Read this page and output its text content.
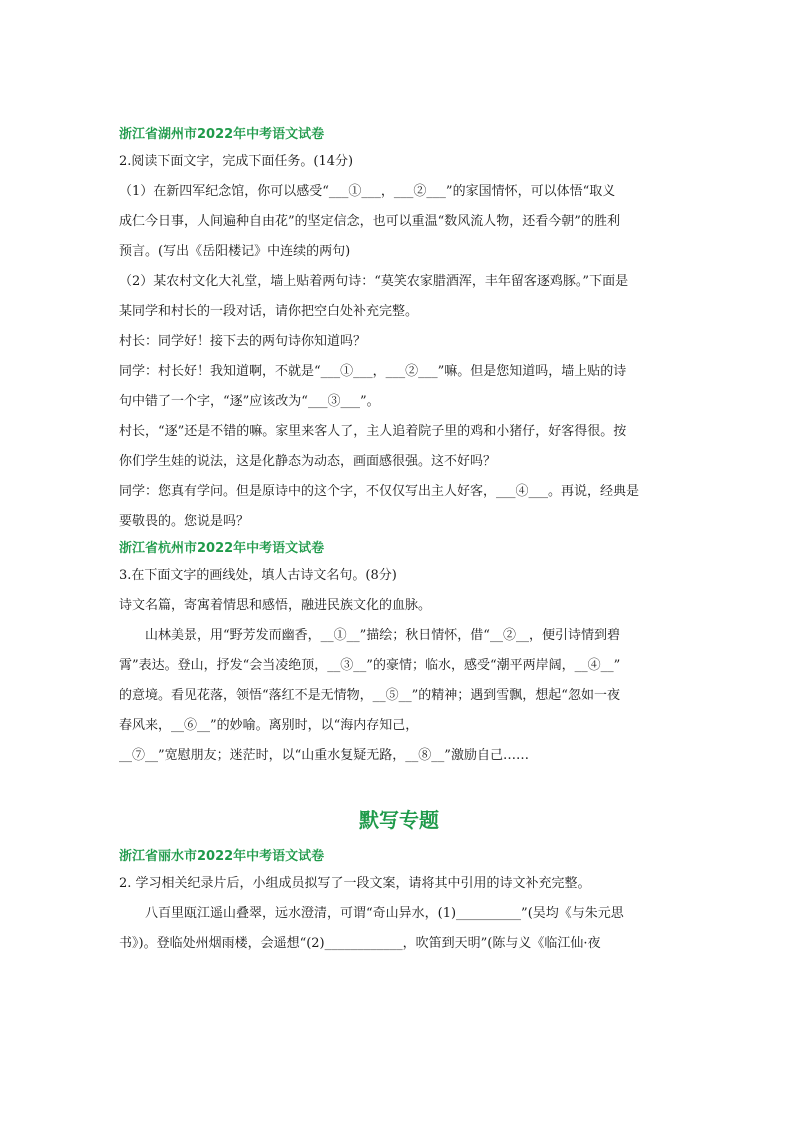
浙江省湖州市2022年中考语文试卷

2.阅读下面文字，完成下面任务。(14分)

（1）在新四军纪念馆，你可以感受“___①___，___②___”的家国情怀，可以体悟“取义

成仁今日事，人间遍种自由花”的坚定信念，也可以重温“数风流人物，还看今朝”的胜利

预言。(写出《岳阳楼记》中连续的两句)

（2）某农村文化大礼堂，墙上贴着两句诗：“莫笑农家腊酒浑，丰年留客逐鸡豚。”下面是

某同学和村长的一段对话，请你把空白处补充完整。

村长：同学好！接下去的两句诗你知道吗？

同学：村长好！我知道啊，不就是“___①___，___②___”嘛。但是您知道吗，墙上贴的诗

句中错了一个字，“逐”应该改为“___③___”。

村长，“逐”还是不错的嘛。家里来客人了，主人追着院子里的鸡和小猪仔，好客得很。按

你们学生娃的说法，这是化静态为动态，画面感很强。这不好吗？

同学：您真有学问。但是原诗中的这个字，不仅仅写出主人好客，___④___。再说，经典是

要敬畏的。您说是吗？

浙江省杭州市2022年中考语文试卷

3.在下面文字的画线处，填人古诗文名句。(8分)

诗文名篇，寄寓着情思和感悟，融进民族文化的血脉。

山林美景，用“野芳发而幽香，__①__”描绘；秋日情怀，借“__②__，便引诗情到碧

霄”表达。登山，抒发“会当凌绝顶，__③__”的豪情；临水，感受“潮平两岸阔，__④__”

的意境。看见花落，领悟“落红不是无情物，__⑤__”的精神；遇到雪飘，想起“忽如一夜

春风来，__⑥__”的妙喻。离别时，以“海内存知己，

__⑦__”宽慰朋友；迷茫时，以“山重水复疑无路，__⑧__”激励自己……

默写专题
浙江省丽水市2022年中考语文试卷

2. 学习相关纪录片后，小组成员拟写了一段文案，请将其中引用的诗文补充完整。

八百里瓯江遥山叠翠，远水澄清，可谓“奇山异水，(1)__________”(吴均《与朱元思

书》)。登临处州烟雨楼，会遥想“(2)____________，吹笛到天明”(陈与义《临江仙·夜
